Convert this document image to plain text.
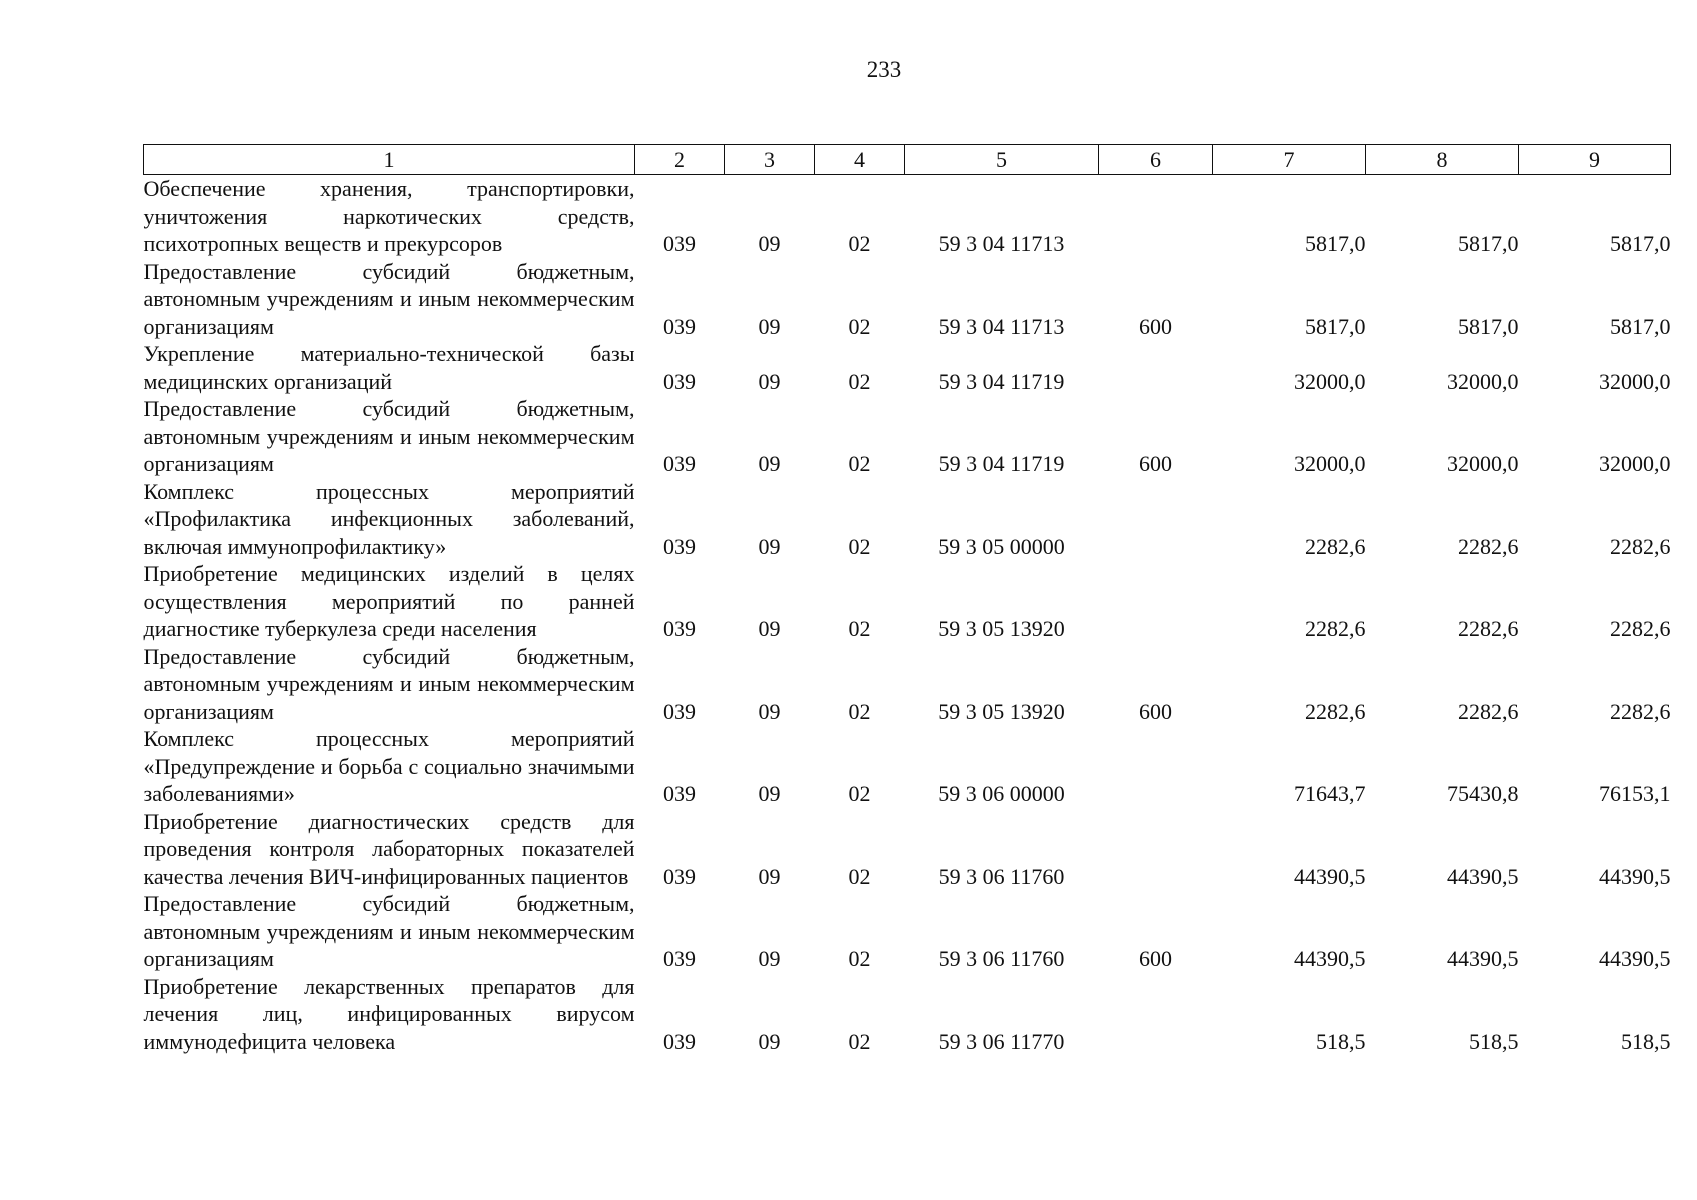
233
1	2	3	4	5	6	7	8	9
Обеспечение хранения, транспортировки, уничтожения наркотических средств, психотропных веществ и прекурсоров	039	09	02	59 3 04 11713		5817,0	5817,0	5817,0
Предоставление субсидий бюджетным, автономным учреждениям и иным некоммерческим организациям	039	09	02	59 3 04 11713	600	5817,0	5817,0	5817,0
Укрепление материально-технической базы медицинских организаций	039	09	02	59 3 04 11719		32000,0	32000,0	32000,0
Предоставление субсидий бюджетным, автономным учреждениям и иным некоммерческим организациям	039	09	02	59 3 04 11719	600	32000,0	32000,0	32000,0
Комплекс процессных мероприятий «Профилактика инфекционных заболеваний, включая иммунопрофилактику»	039	09	02	59 3 05 00000		2282,6	2282,6	2282,6
Приобретение медицинских изделий в целях осуществления мероприятий по ранней диагностике туберкулеза среди населения	039	09	02	59 3 05 13920		2282,6	2282,6	2282,6
Предоставление субсидий бюджетным, автономным учреждениям и иным некоммерческим организациям	039	09	02	59 3 05 13920	600	2282,6	2282,6	2282,6
Комплекс процессных мероприятий «Предупреждение и борьба с социально значимыми заболеваниями»	039	09	02	59 3 06 00000		71643,7	75430,8	76153,1
Приобретение диагностических средств для проведения контроля лабораторных показателей качества лечения ВИЧ-инфицированных пациентов	039	09	02	59 3 06 11760		44390,5	44390,5	44390,5
Предоставление субсидий бюджетным, автономным учреждениям и иным некоммерческим организациям	039	09	02	59 3 06 11760	600	44390,5	44390,5	44390,5
Приобретение лекарственных препаратов для лечения лиц, инфицированных вирусом иммунодефицита человека	039	09	02	59 3 06 11770		518,5	518,5	518,5
